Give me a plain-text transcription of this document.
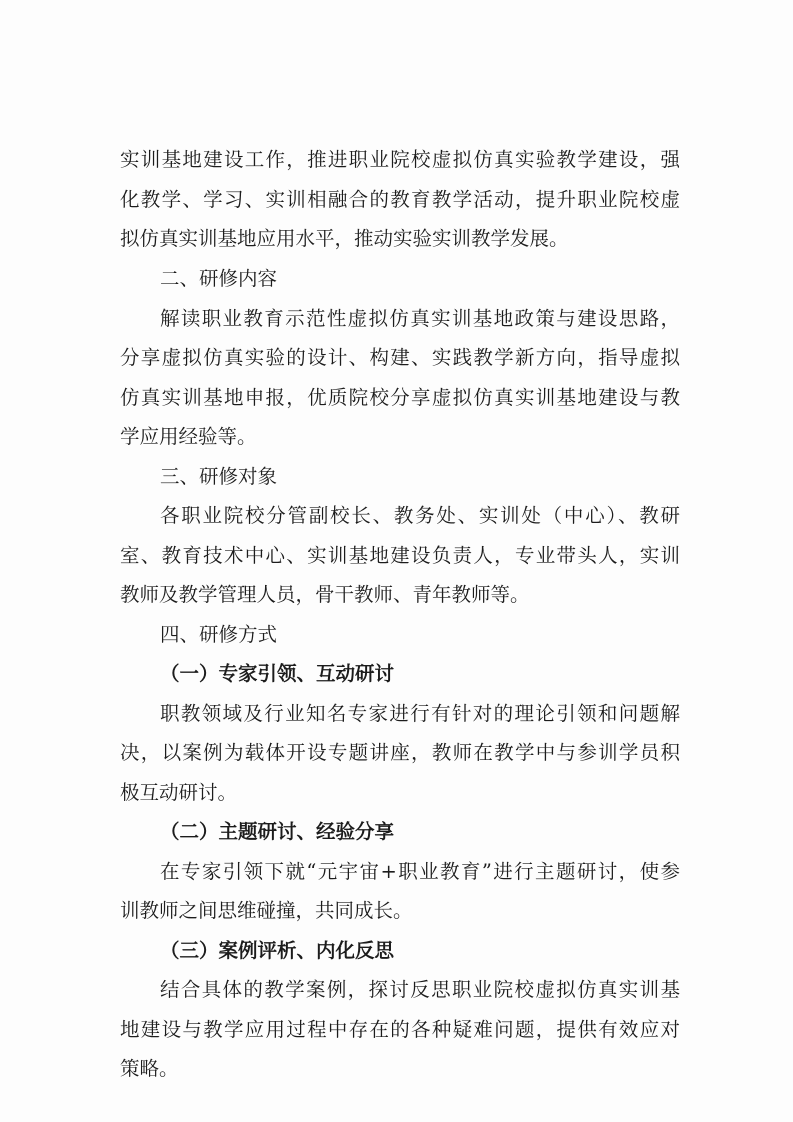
实训基地建设工作，推进职业院校虚拟仿真实验教学建设，强
化教学、学习、实训相融合的教育教学活动，提升职业院校虚
拟仿真实训基地应用水平，推动实验实训教学发展。
二、研修内容
解读职业教育示范性虚拟仿真实训基地政策与建设思路，
分享虚拟仿真实验的设计、构建、实践教学新方向，指导虚拟
仿真实训基地申报，优质院校分享虚拟仿真实训基地建设与教
学应用经验等。
三、研修对象
各职业院校分管副校长、教务处、实训处（中心）、教研
室、教育技术中心、实训基地建设负责人，专业带头人，实训
教师及教学管理人员，骨干教师、青年教师等。
四、研修方式
（一）专家引领、互动研讨
职教领域及行业知名专家进行有针对的理论引领和问题解
决，以案例为载体开设专题讲座，教师在教学中与参训学员积
极互动研讨。
（二）主题研讨、经验分享
在专家引领下就“元宇宙+职业教育”进行主题研讨，使参
训教师之间思维碰撞，共同成长。
（三）案例评析、内化反思
结合具体的教学案例，探讨反思职业院校虚拟仿真实训基
地建设与教学应用过程中存在的各种疑难问题，提供有效应对
策略。
